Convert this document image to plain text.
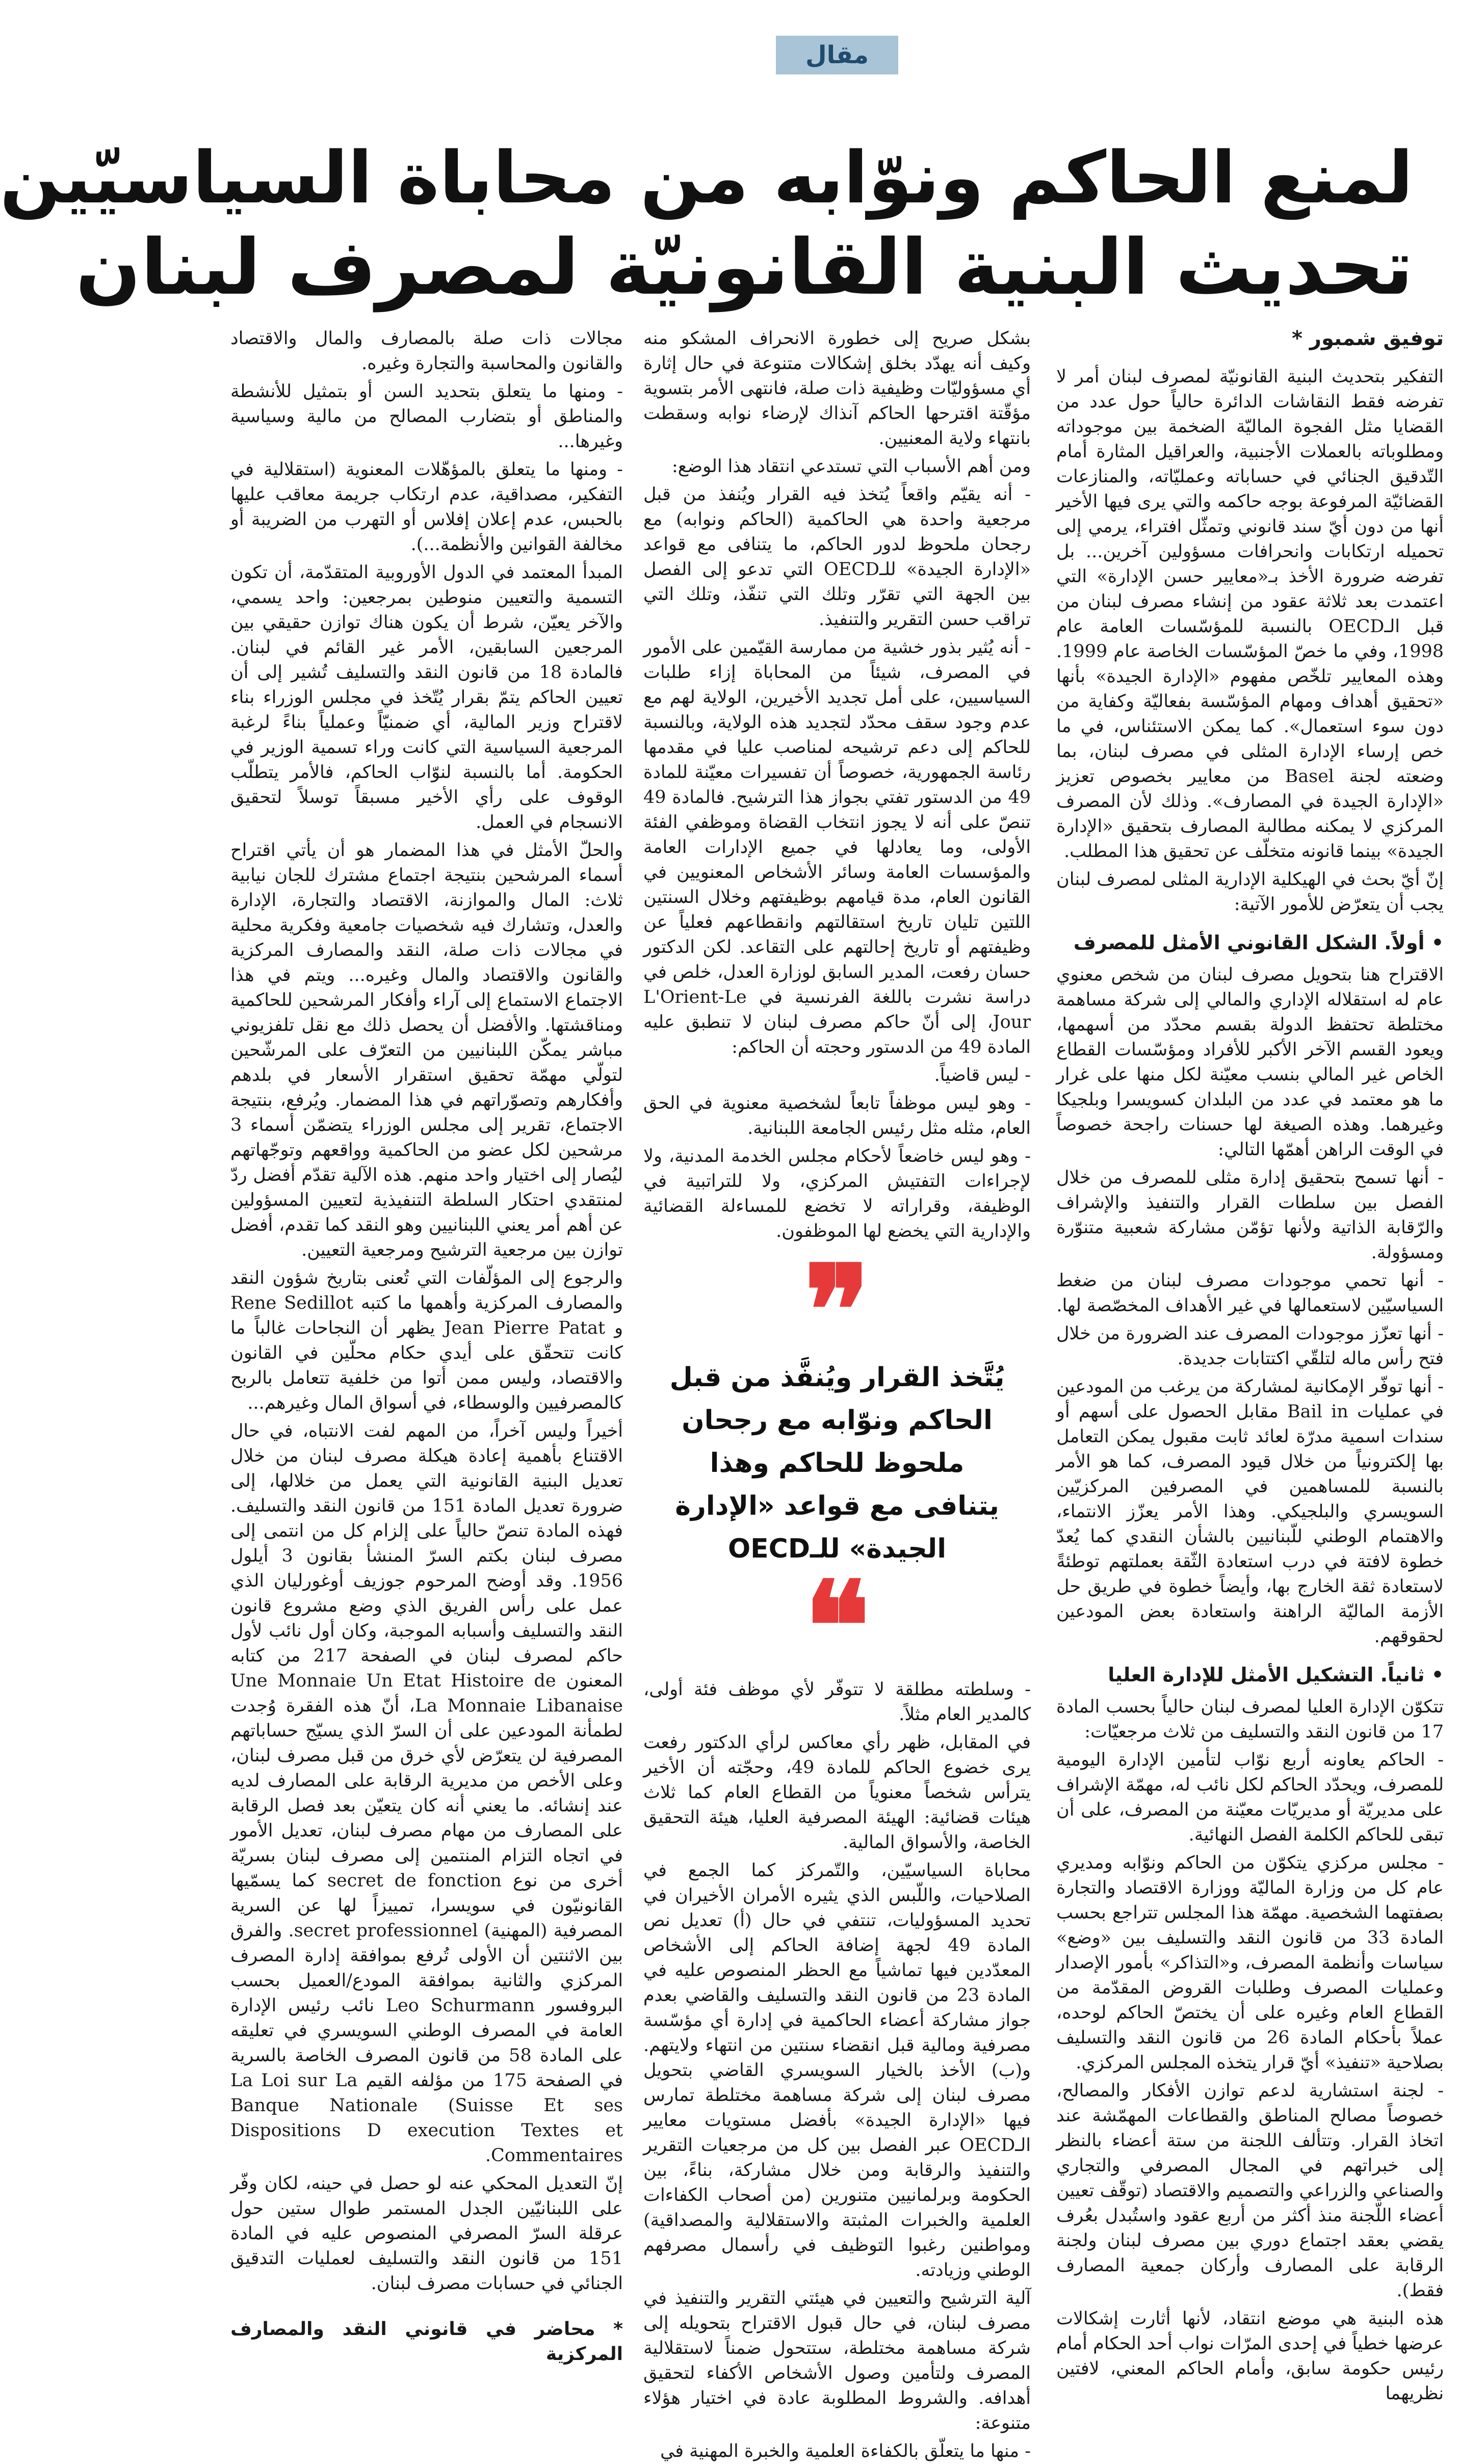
مقال
لمنع الحاكم ونوّابه من محاباة السياسيّين
تحديث البنية القانونيّة لمصرف لبنان
توفيق شمبور *

التفكير بتحديث البنية القانونيّة لمصرف لبنان أمر لا تفرضه فقط النقاشات الدائرة حالياً حول عدد من القضايا مثل الفجوة الماليّة الضخمة بين موجوداته ومطلوباته بالعملات الأجنبية، والعراقيل المثارة أمام التّدقيق الجنائي في حساباته وعمليّاته، والمنازعات القضائيّة المرفوعة بوجه حاكمه والتي يرى فيها الأخير أنها من دون أيّ سند قانوني وتمثّل افتراء، يرمي إلى تحميله ارتكابات وانحرافات مسؤولين آخرين... بل تفرضه ضرورة الأخذ بـ«معايير حسن الإدارة» التي اعتمدت بعد ثلاثة عقود من إنشاء مصرف لبنان من قبل الـOECD بالنسبة للمؤسّسات العامة عام 1998، وفي ما خصّ المؤسّسات الخاصة عام 1999. وهذه المعايير تلخّص مفهوم «الإدارة الجيدة» بأنها «تحقيق أهداف ومهام المؤسّسة بفعاليّة وكفاية من دون سوء استعمال». كما يمكن الاستئناس، في ما خص إرساء الإدارة المثلى في مصرف لبنان، بما وضعته لجنة Basel من معايير بخصوص تعزيز «الإدارة الجيدة في المصارف». وذلك لأن المصرف المركزي لا يمكنه مطالبة المصارف بتحقيق «الإدارة الجيدة» بينما قانونه متخلّف عن تحقيق هذا المطلب.

إنّ أيّ بحث في الهيكلية الإدارية المثلى لمصرف لبنان يجب أن يتعرّض للأمور الآتية:

• أولاً. الشكل القانوني الأمثل للمصرف

الاقتراح هنا بتحويل مصرف لبنان من شخص معنوي عام له استقلاله الإداري والمالي إلى شركة مساهمة مختلطة تحتفظ الدولة بقسم محدّد من أسهمها، ويعود القسم الآخر الأكبر للأفراد ومؤسّسات القطاع الخاص غير المالي بنسب معيّنة لكل منها على غرار ما هو معتمد في عدد من البلدان كسويسرا وبلجيكا وغيرهما. وهذه الصيغة لها حسنات راجحة خصوصاً في الوقت الراهن أهمّها التالي:

- أنها تسمح بتحقيق إدارة مثلى للمصرف من خلال الفصل بين سلطات القرار والتنفيذ والإشراف والرّقابة الذاتية ولأنها تؤمّن مشاركة شعبية متنوّرة ومسؤولة.

- أنها تحمي موجودات مصرف لبنان من ضغط السياسيّين لاستعمالها في غير الأهداف المخصّصة لها.

- أنها تعزّز موجودات المصرف عند الضرورة من خلال فتح رأس ماله لتلقّي اكتتابات جديدة.

- أنها توفّر الإمكانية لمشاركة من يرغب من المودعين في عمليات Bail in مقابل الحصول على أسهم أو سندات اسمية مدرّة لعائد ثابت مقبول يمكن التعامل بها إلكترونياً من خلال قيود المصرف، كما هو الأمر بالنسبة للمساهمين في المصرفين المركزيّين السويسري والبلجيكي. وهذا الأمر يعزّز الانتماء، والاهتمام الوطني للّبنانيين بالشأن النقدي كما يُعدّ خطوة لافتة في درب استعادة الثّقة بعملتهم توطئةً لاستعادة ثقة الخارج بها، وأيضاً خطوة في طريق حل الأزمة الماليّة الراهنة واستعادة بعض المودعين لحقوقهم.

• ثانياً. التشكيل الأمثل للإدارة العليا

تتكوّن الإدارة العليا لمصرف لبنان حالياً بحسب المادة 17 من قانون النقد والتسليف من ثلاث مرجعيّات:

- الحاكم يعاونه أربع نوّاب لتأمين الإدارة اليومية للمصرف، ويحدّد الحاكم لكل نائب له، مهمّة الإشراف على مديريّة أو مديريّات معيّنة من المصرف، على أن تبقى للحاكم الكلمة الفصل النهائية.

- مجلس مركزي يتكوّن من الحاكم ونوّابه ومديري عام كل من وزارة الماليّة ووزارة الاقتصاد والتجارة بصفتهما الشخصية. مهمّة هذا المجلس تتراجع بحسب المادة 33 من قانون النقد والتسليف بين «وضع» سياسات وأنظمة المصرف، و«التذاكر» بأمور الإصدار وعمليات المصرف وطلبات القروض المقدّمة من القطاع العام وغيره على أن يختصّ الحاكم لوحده، عملاً بأحكام المادة 26 من قانون النقد والتسليف بصلاحية «تنفيذ» أيّ قرار يتخذه المجلس المركزي.

- لجنة استشارية لدعم توازن الأفكار والمصالح، خصوصاً مصالح المناطق والقطاعات المهمّشة عند اتخاذ القرار. وتتألف اللجنة من ستة أعضاء بالنظر إلى خبراتهم في المجال المصرفي والتجاري والصناعي والزراعي والتصميم والاقتصاد (توقّف تعيين أعضاء اللّجنة منذ أكثر من أربع عقود واستُبدل بعُرف يقضي بعقد اجتماع دوري بين مصرف لبنان ولجنة الرقابة على المصارف وأركان جمعية المصارف فقط).

هذه البنية هي موضع انتقاد، لأنها أثارت إشكالات عرضها خطياً في إحدى المرّات نواب أحد الحكام أمام رئيس حكومة سابق، وأمام الحاكم المعني، لافتين نظريهما

بشكل صريح إلى خطورة الانحراف المشكو منه وكيف أنه يهدّد بخلق إشكالات متنوعة في حال إثارة أي مسؤوليّات وظيفية ذات صلة، فانتهى الأمر بتسوية مؤقّتة اقترحها الحاكم آنذاك لإرضاء نوابه وسقطت بانتهاء ولاية المعنيين.

ومن أهم الأسباب التي تستدعي انتقاد هذا الوضع:

- أنه يقيّم واقعاً يُتخذ فيه القرار ويُنفذ من قبل مرجعية واحدة هي الحاكمية (الحاكم ونوابه) مع رجحان ملحوظ لدور الحاكم، ما يتنافى مع قواعد «الإدارة الجيدة» للـOECD التي تدعو إلى الفصل بين الجهة التي تقرّر وتلك التي تنفّذ، وتلك التي تراقب حسن التقرير والتنفيذ.

- أنه يُثير بذور خشية من ممارسة القيّمين على الأمور في المصرف، شيئاً من المحاباة إزاء طلبات السياسيين، على أمل تجديد الأخيرين، الولاية لهم مع عدم وجود سقف محدّد لتجديد هذه الولاية، وبالنسبة للحاكم إلى دعم ترشيحه لمناصب عليا في مقدمها رئاسة الجمهورية، خصوصاً أن تفسيرات معيّنة للمادة 49 من الدستور تفتي بجواز هذا الترشيح. فالمادة 49 تنصّ على أنه لا يجوز انتخاب القضاة وموظفي الفئة الأولى، وما يعادلها في جميع الإدارات العامة والمؤسسات العامة وسائر الأشخاص المعنويين في القانون العام، مدة قيامهم بوظيفتهم وخلال السنتين اللتين تليان تاريخ استقالتهم وانقطاعهم فعلياً عن وظيفتهم أو تاريخ إحالتهم على التقاعد. لكن الدكتور حسان رفعت، المدير السابق لوزارة العدل، خلص في دراسة نشرت باللغة الفرنسية في L'Orient-Le Jour، إلى أنّ حاكم مصرف لبنان لا تنطبق عليه المادة 49 من الدستور وحجته أن الحاكم:

- ليس قاضياً.

- وهو ليس موظفاً تابعاً لشخصية معنوية في الحق العام، مثله مثل رئيس الجامعة اللبنانية.

- وهو ليس خاضعاً لأحكام مجلس الخدمة المدنية، ولا لإجراءات التفتيش المركزي، ولا للتراتبية في الوظيفة، وقراراته لا تخضع للمساءلة القضائية والإدارية التي يخضع لها الموظفون.

❞
يُتَّخذ القرار ويُنفَّذ من قبل الحاكم ونوّابه مع رجحان ملحوظ للحاكم وهذا يتنافى مع قواعد «الإدارة الجيدة» للـOECD
❝

- وسلطته مطلقة لا تتوفّر لأي موظف فئة أولى، كالمدير العام مثلاً.

في المقابل، ظهر رأي معاكس لرأي الدكتور رفعت يرى خضوع الحاكم للمادة 49، وحجّته أن الأخير يترأس شخصاً معنوياً من القطاع العام كما ثلاث هيئات قضائية: الهيئة المصرفية العليا، هيئة التحقيق الخاصة، والأسواق المالية.

محاباة السياسيّين، والتّمركز كما الجمع في الصلاحيات، واللّبس الذي يثيره الأمران الأخيران في تحديد المسؤوليات، تنتفي في حال (أ) تعديل نص المادة 49 لجهة إضافة الحاكم إلى الأشخاص المعدّدين فيها تماشياً مع الحظر المنصوص عليه في المادة 23 من قانون النقد والتسليف والقاضي بعدم جواز مشاركة أعضاء الحاكمية في إدارة أي مؤسّسة مصرفية ومالية قبل انقضاء سنتين من انتهاء ولايتهم. و(ب) الأخذ بالخيار السويسري القاضي بتحويل مصرف لبنان إلى شركة مساهمة مختلطة تمارس فيها «الإدارة الجيدة» بأفضل مستويات معايير الـOECD عبر الفصل بين كل من مرجعيات التقرير والتنفيذ والرقابة ومن خلال مشاركة، بناءً، بين الحكومة وبرلمانيين متنورين (من أصحاب الكفاءات العلمية والخبرات المثبتة والاستقلالية والمصداقية) ومواطنين رغبوا التوظيف في رأسمال مصرفهم الوطني وزيادته.

آلية الترشيح والتعيين في هيئتي التقرير والتنفيذ في مصرف لبنان، في حال قبول الاقتراح بتحويله إلى شركة مساهمة مختلطة، ستتحول ضمناً لاستقلالية المصرف ولتأمين وصول الأشخاص الأكفاء لتحقيق أهدافه. والشروط المطلوبة عادة في اختيار هؤلاء متنوعة:

- منها ما يتعلّق بالكفاءة العلمية والخبرة المهنية في

مجالات ذات صلة بالمصارف والمال والاقتصاد والقانون والمحاسبة والتجارة وغيره.

- ومنها ما يتعلق بتحديد السن أو بتمثيل للأنشطة والمناطق أو بتضارب المصالح من مالية وسياسية وغيرها...

- ومنها ما يتعلق بالمؤهّلات المعنوية (استقلالية في التفكير، مصداقية، عدم ارتكاب جريمة معاقب عليها بالحبس، عدم إعلان إفلاس أو التهرب من الضريبة أو مخالفة القوانين والأنظمة...).

المبدأ المعتمد في الدول الأوروبية المتقدّمة، أن تكون التسمية والتعيين منوطين بمرجعين: واحد يسمي، والآخر يعيّن، شرط أن يكون هناك توازن حقيقي بين المرجعين السابقين، الأمر غير القائم في لبنان. فالمادة 18 من قانون النقد والتسليف تُشير إلى أن تعيين الحاكم يتمّ بقرار يُتّخذ في مجلس الوزراء بناء لاقتراح وزير المالية، أي ضمنيّاً وعملياً بناءً لرغبة المرجعية السياسية التي كانت وراء تسمية الوزير في الحكومة. أما بالنسبة لنوّاب الحاكم، فالأمر يتطلّب الوقوف على رأي الأخير مسبقاً توسلاً لتحقيق الانسجام في العمل.

والحلّ الأمثل في هذا المضمار هو أن يأتي اقتراح أسماء المرشحين بنتيجة اجتماع مشترك للجان نيابية ثلاث: المال والموازنة، الاقتصاد والتجارة، الإدارة والعدل، وتشارك فيه شخصيات جامعية وفكرية محلية في مجالات ذات صلة، النقد والمصارف المركزية والقانون والاقتصاد والمال وغيره... ويتم في هذا الاجتماع الاستماع إلى آراء وأفكار المرشحين للحاكمية ومناقشتها. والأفضل أن يحصل ذلك مع نقل تلفزيوني مباشر يمكّن اللبنانيين من التعرّف على المرشّحين لتولّي مهمّة تحقيق استقرار الأسعار في بلدهم وأفكارهم وتصوّراتهم في هذا المضمار. ويُرفع، بنتيجة الاجتماع، تقرير إلى مجلس الوزراء يتضمّن أسماء 3 مرشحين لكل عضو من الحاكمية وواقعهم وتوجّهاتهم ليُصار إلى اختيار واحد منهم. هذه الآلية تقدّم أفضل ردّ لمنتقدي احتكار السلطة التنفيذية لتعيين المسؤولين عن أهم أمر يعني اللبنانيين وهو النقد كما تقدم، أفضل توازن بين مرجعية الترشيح ومرجعية التعيين.

والرجوع إلى المؤلّفات التي تُعنى بتاريخ شؤون النقد والمصارف المركزية وأهمها ما كتبه Rene Sedillot و Jean Pierre Patat يظهر أن النجاحات غالباً ما كانت تتحقّق على أيدي حكام محلّين في القانون والاقتصاد، وليس ممن أتوا من خلفية تتعامل بالربح كالمصرفيين والوسطاء، في أسواق المال وغيرهم...

أخيراً وليس آخراً، من المهم لفت الانتباه، في حال الاقتناع بأهمية إعادة هيكلة مصرف لبنان من خلال تعديل البنية القانونية التي يعمل من خلالها، إلى ضرورة تعديل المادة 151 من قانون النقد والتسليف. فهذه المادة تنصّ حالياً على إلزام كل من انتمى إلى مصرف لبنان بكتم السرّ المنشأ بقانون 3 أيلول 1956. وقد أوضح المرحوم جوزيف أوغورليان الذي عمل على رأس الفريق الذي وضع مشروع قانون النقد والتسليف وأسبابه الموجبة، وكان أول نائب لأول حاكم لمصرف لبنان في الصفحة 217 من كتابه المعنون Une Monnaie Un Etat Histoire de La Monnaie Libanaise، أنّ هذه الفقرة وُجدت لطمأنة المودعين على أن السرّ الذي يسيّج حساباتهم المصرفية لن يتعرّض لأي خرق من قبل مصرف لبنان، وعلى الأخص من مديرية الرقابة على المصارف لديه عند إنشائه. ما يعني أنه كان يتعيّن بعد فصل الرقابة على المصارف من مهام مصرف لبنان، تعديل الأمور في اتجاه التزام المنتمين إلى مصرف لبنان بسريّة أخرى من نوع secret de fonction كما يسمّيها القانونيّون في سويسرا، تمييزاً لها عن السرية المصرفية (المهنية) secret professionnel. والفرق بين الاثنتين أن الأولى تُرفع بموافقة إدارة المصرف المركزي والثانية بموافقة المودع/العميل بحسب البروفسور Leo Schurmann نائب رئيس الإدارة العامة في المصرف الوطني السويسري في تعليقه على المادة 58 من قانون المصرف الخاصة بالسرية في الصفحة 175 من مؤلفه القيم La Loi sur La Banque Nationale (Suisse Et ses Dispositions D execution Textes et Commentaires.

إنّ التعديل المحكي عنه لو حصل في حينه، لكان وفّر على اللبنانيّين الجدل المستمر طوال ستين حول عرقلة السرّ المصرفي المنصوص عليه في المادة 151 من قانون النقد والتسليف لعمليات التدقيق الجنائي في حسابات مصرف لبنان.

* محاضر في قانوني النقد والمصارف المركزية
